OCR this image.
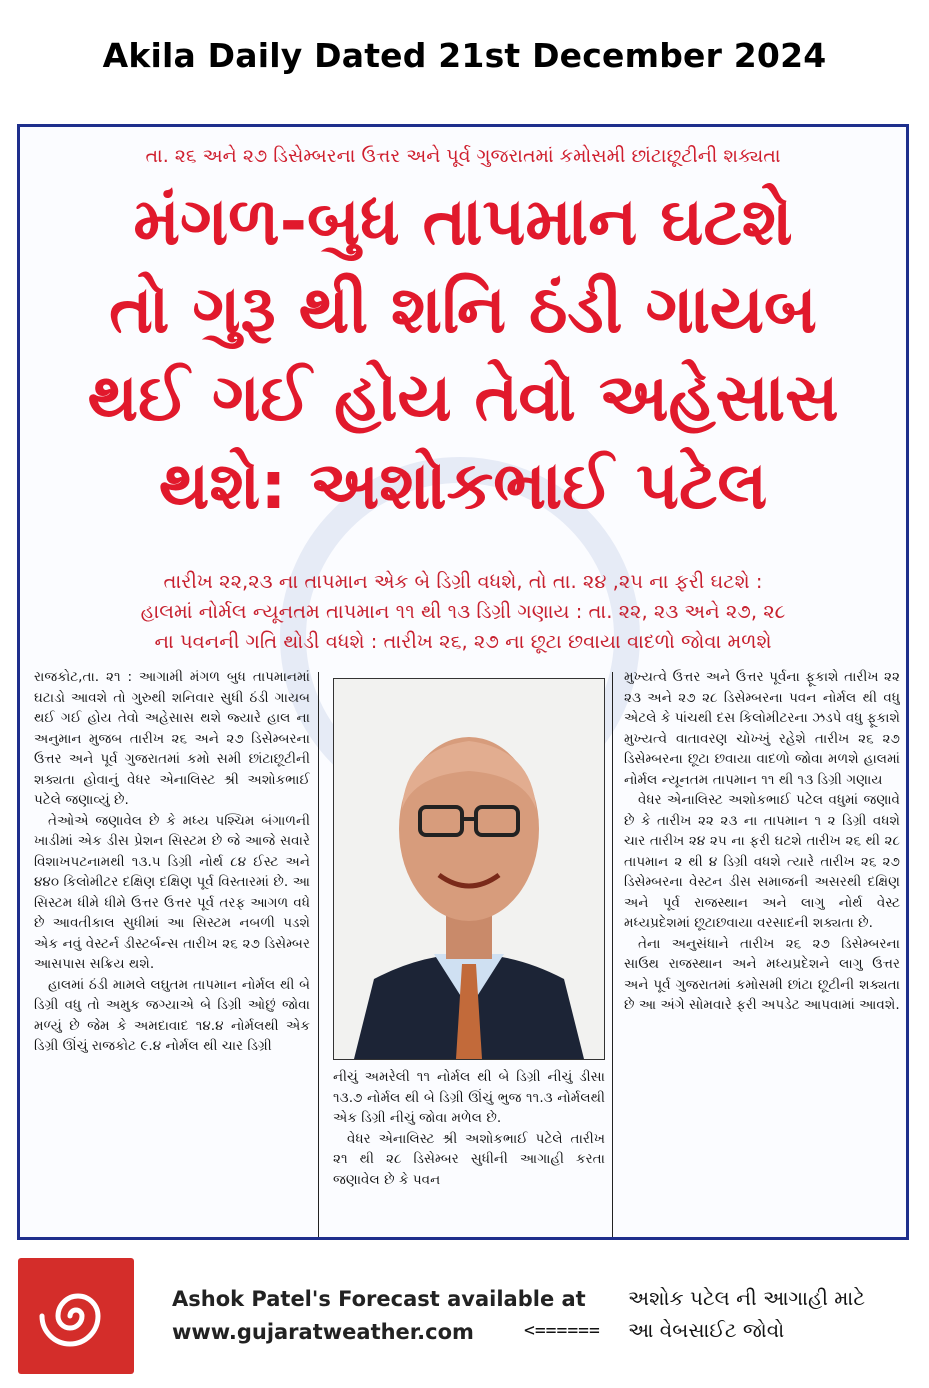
Akila Daily Dated 21st December 2024
તા. ૨૬ અને ૨૭ ડિસેમ્બરના ઉત્તર અને પૂર્વ ગુજરાતમાં કમોસમી છાંટાછૂટીની શક્યતા
મંગળ-બુધ તાપમાન ઘટશે
તો ગુરૂ થી શનિ ઠંડી ગાયબ
થઈ ગઈ હોય તેવો અહેસાસ
થશે: અશોકભાઈ પટેલ
તારીખ ૨૨,૨૩ ના તાપમાન એક બે ડિગ્રી વધશે, તો તા. ૨૪ ,૨૫ ના ફરી ઘટશે :
હાલમાં નોર્મલ ન્યૂનતમ તાપમાન ૧૧ થી ૧૩ ડિગ્રી ગણાય : તા. ૨૨, ૨૩ અને ૨૭, ૨૮
ના પવનની ગતિ થોડી વધશે : તારીખ ૨૬, ૨૭ ના છૂટા છવાયા વાદળો જોવા મળશે

રાજકોટ,તા. ૨૧ : આગામી મંગળ બુધ તાપમાનમાં ઘટાડો આવશે તો ગુરુથી શનિવાર સુધી ઠંડી ગાયબ થઈ ગઈ હોય તેવો અહેસાસ થશે જ્યારે હાલ ના અનુમાન મુજબ તારીખ ૨૬ અને ૨૭ ડિસેમ્બરના ઉત્તર અને પૂર્વ ગુજરાતમાં કમો સમી છાંટાછૂટીની શક્યતા હોવાનું વેધર એનાલિસ્ટ શ્રી અશોકભાઈ પટેલે જણાવ્યું છે.

તેઓએ જણાવેલ છે કે મધ્ય પશ્ચિમ બંગાળની ખાડીમાં એક ડીસ પ્રેશન સિસ્ટમ છે જે આજે સવારે વિશાખપટનામથી ૧૩.૫ ડિગ્રી નોર્થ ૮૪ ઈસ્ટ અને ૪૪૦ કિલોમીટર દક્ષિણ દક્ષિણ પૂર્વ વિસ્તારમાં છે. આ સિસ્ટમ ધીમે ધીમે ઉત્તર ઉત્તર પૂર્વ તરફ આગળ વધે છે આવતીકાલ સુધીમાં આ સિસ્ટમ નબળી પડશે એક નવું વેસ્ટર્ન ડીસ્ટર્બન્સ તારીખ ૨૬ ૨૭ ડિસેમ્બર આસપાસ સક્રિય થશે.

હાલમાં ઠંડી મામલે લઘુતમ તાપમાન નોર્મલ થી બે ડિગ્રી વધુ તો અમુક જગ્યાએ બે ડિગ્રી ઓછું જોવા મળ્યું છે જેમ કે અમદાવાદ ૧૪.૪ નોર્મલથી એક ડિગ્રી ઊંચું રાજકોટ ૯.૪ નોર્મલ થી ચાર ડિગ્રી

નીચું અમરેલી ૧૧ નોર્મલ થી બે ડિગ્રી નીચું ડીસા ૧૩.૭ નોર્મલ થી બે ડિગ્રી ઊંચું ભુજ ૧૧.૩ નોર્મલથી એક ડિગ્રી નીચું જોવા મળેલ છે.

વેધર એનાલિસ્ટ શ્રી અશોકભાઈ પટેલે તારીખ ૨૧ થી ૨૮ ડિસેમ્બર સુધીની આગાહી કરતા જણાવેલ છે કે પવન

મુખ્યત્વે ઉત્તર અને ઉત્તર પૂર્વના ફૂકાશે તારીખ ૨૨ ૨૩ અને ૨૭ ૨૮ ડિસેમ્બરના પવન નોર્મલ થી વધુ એટલે કે પાંચથી દસ કિલોમીટરના ઝડપે વધુ ફૂકાશે મુખ્યત્વે વાતાવરણ ચોખ્ખું રહેશે તારીખ ૨૬ ૨૭ ડિસેમ્બરના છૂટા છવાયા વાદળો જોવા મળશે હાલમાં નોર્મલ ન્યૂનતમ તાપમાન ૧૧ થી ૧૩ ડિગ્રી ગણાય

વેધર એનાલિસ્ટ અશોકભાઈ પટેલ વધુમાં જણાવે છે કે તારીખ ૨૨ ૨૩ ના તાપમાન ૧ ૨ ડિગ્રી વધશે ચાર તારીખ ૨૪ ૨૫ ના ફરી ઘટશે તારીખ ૨૬ થી ૨૮ તાપમાન ૨ થી ૪ ડિગ્રી વધશે ત્યારે તારીખ ૨૬ ૨૭ ડિસેમ્બરના વેસ્ટન ડીસ સમાજની અસરથી દક્ષિણ અને પૂર્વ રાજસ્થાન અને લાગુ નોર્થ વેસ્ટ મધ્યપ્રદેશમાં છૂટાછવાયા વરસાદની શક્યતા છે.

તેના અનુસંધાને તારીખ ૨૬ ૨૭ ડિસેમ્બરના સાઉથ રાજસ્થાન અને મધ્યપ્રદેશને લાગુ ઉત્તર અને પૂર્વ ગુજરાતમાં કમોસમી છાંટા છૂટીની શક્યતા છે આ અંગે સોમવારે ફરી અપડેટ આપવામાં આવશે.

Ashok Patel's Forecast available at
www.gujaratweather.com	<======
અશોક પટેલ ની આગાહી માટે
આ વેબસાઈટ જોવો
